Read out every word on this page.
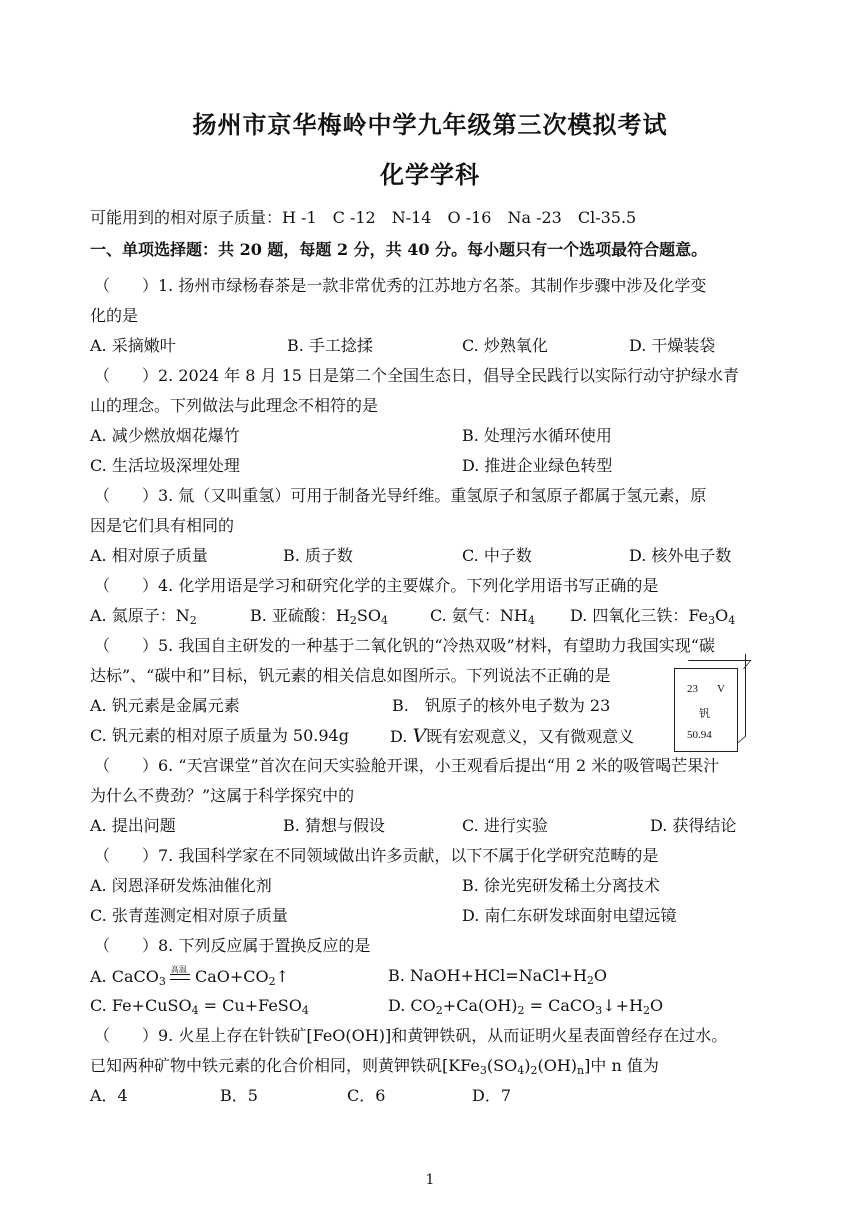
扬州市京华梅岭中学九年级第三次模拟考试
化学学科
可能用到的相对原子质量：H -1　C -12　N-14　O -16　Na -23　Cl-35.5
一、单项选择题：共 20 题，每题 2 分，共 40 分。每小题只有一个选项最符合题意。
（　　）1. 扬州市绿杨春茶是一款非常优秀的江苏地方名茶。其制作步骤中涉及化学变
化的是
A. 采摘嫩叶	B. 手工捻揉	C. 炒熟氧化	D. 干燥装袋
（　　）2. 2024 年 8 月 15 日是第二个全国生态日，倡导全民践行以实际行动守护绿水青
山的理念。下列做法与此理念不相符的是
A. 减少燃放烟花爆竹	B. 处理污水循环使用
C. 生活垃圾深埋处理	D. 推进企业绿色转型
（　　）3. 氚（又叫重氢）可用于制备光导纤维。重氢原子和氢原子都属于氢元素，原
因是它们具有相同的
A. 相对原子质量	B. 质子数	C. 中子数	D. 核外电子数
（　　）4. 化学用语是学习和研究化学的主要媒介。下列化学用语书写正确的是
A. 氮原子：$N_2$	B. 亚硫酸：$H_2SO_4$	C. 氨气：$NH_4$ D. 四氧化三铁：$Fe_3O_4$
（　　）5. 我国自主研发的一种基于二氧化钒的“冷热双吸”材料，有望助力我国实现“碳
达标”、“碳中和”目标，钒元素的相关信息如图所示。下列说法不正确的是
A. 钒元素是金属元素	B.　钒原子的核外电子数为 23
C. 钒元素的相对原子质量为 50.94g	D. V既有宏观意义，又有微观意义
23 V
钒
50.94
（　　）6. “天宫课堂”首次在问天实验舱开课，小王观看后提出“用 2 米的吸管喝芒果汁
为什么不费劲？”这属于科学探究中的
A. 提出问题	B. 猜想与假设	C. 进行实验	D. 获得结论
（　　）7. 我国科学家在不同领域做出许多贡献，以下不属于化学研究范畴的是
A. 闵恩泽研发炼油催化剂	B. 徐光宪研发稀土分离技术
C. 张青莲测定相对原子质量	D. 南仁东研发球面射电望远镜
（　　）8. 下列反应属于置换反应的是
A. CaCO$_3$
高温 $CaO+CO_2↑$	B. $NaOH+HCl=NaCl+H_2O$
C. Fe+CuSO$_4$ = Cu+FeSO$_4$	D. $CO_2+Ca(OH)_2$ = $CaCO_3↓+H_2O$
（　　）9. 火星上存在针铁矿[FeO(OH)]和黄钾铁矾，从而证明火星表面曾经存在过水。
已知两种矿物中铁元素的化合价相同，则黄钾铁矾$[KFe_3(SO_4)_2(OH)_n]$中 n 值为
A．4	B．5	C．6	D．7
1
